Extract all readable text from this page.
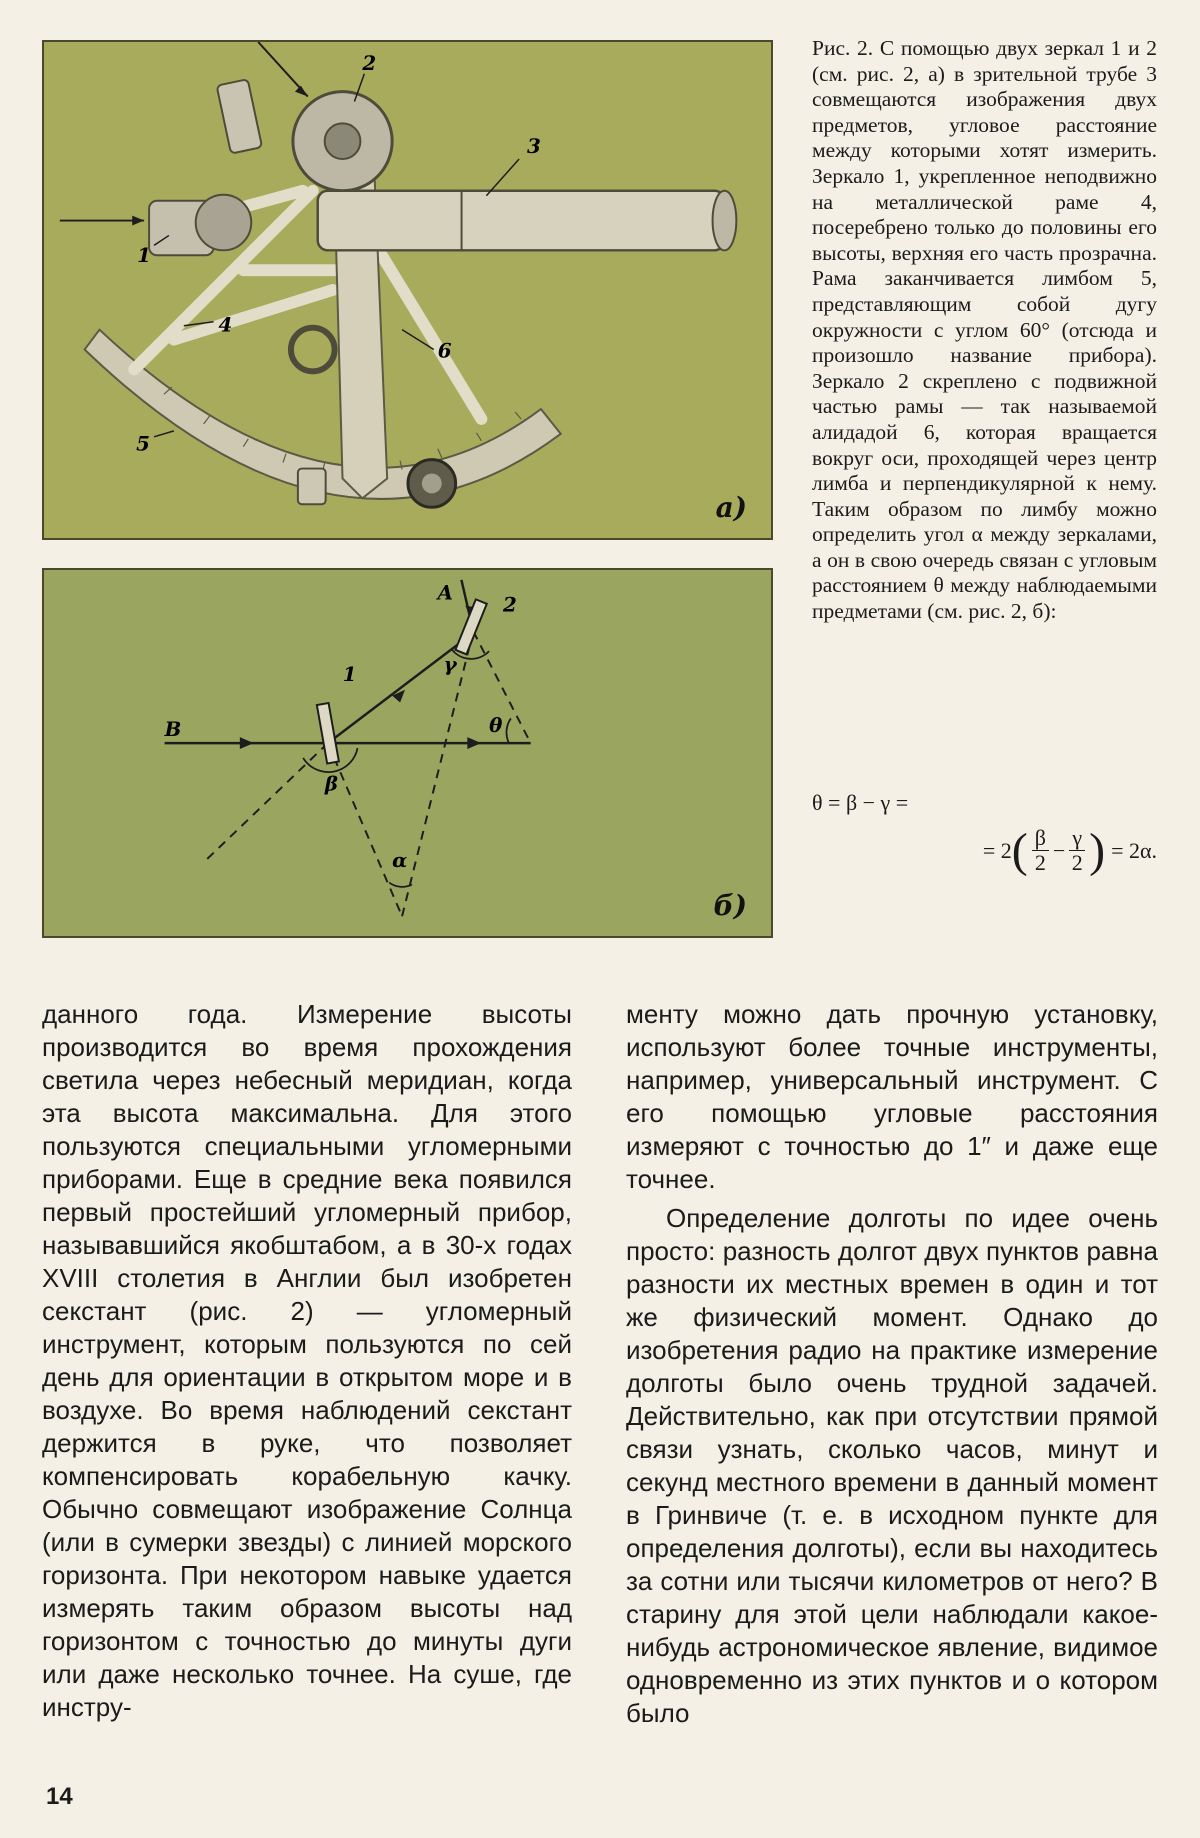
2
3
1
4
5
6
a)
B
A
1
2
β
γ
θ
α
б)

Рис. 2. С помощью двух зеркал 1 и 2 (см. рис. 2, а) в зрительной трубе 3 совмещаются изображения двух предметов, угловое расстояние между которыми хотят измерить. Зеркало 1, укрепленное неподвижно на металлической раме 4, посеребрено только до половины его высоты, верхняя его часть прозрачна. Рама заканчивается лимбом 5, представляющим собой дугу окружности с углом 60° (отсюда и произошло название прибора). Зеркало 2 скреплено с подвижной частью рамы — так называемой алидадой 6, которая вращается вокруг оси, проходящей через центр лимба и перпендикулярной к нему. Таким образом по лимбу можно определить угол α между зеркалами, а он в свою очередь связан с угловым расстоянием θ между наблюдаемыми предметами (см. рис. 2, б):

θ = β − γ =
= 2 ( $\frac{\beta}{2} - \frac{\gamma}{2}$ ) = 2α.

данного года. Измерение высоты производится во время прохождения светила через небесный меридиан, когда эта высота максимальна. Для этого пользуются специальными угломерными приборами. Еще в средние века появился первый простейший угломерный прибор, называвшийся якобштабом, а в 30-х годах XVIII столетия в Англии был изобретен секстант (рис. 2) — угломерный инструмент, которым пользуются по сей день для ориентации в открытом море и в воздухе. Во время наблюдений секстант держится в руке, что позволяет компенсировать корабельную качку. Обычно совмещают изображение Солнца (или в сумерки звезды) с линией морского горизонта. При некотором навыке удается измерять таким образом высоты над горизонтом с точностью до минуты дуги или даже несколько точнее. На суше, где инстру-

менту можно дать прочную установку, используют более точные инструменты, например, универсальный инструмент. С его помощью угловые расстояния измеряют с точностью до 1″ и даже еще точнее.

Определение долготы по идее очень просто: разность долгот двух пунктов равна разности их местных времен в один и тот же физический момент. Однако до изобретения радио на практике измерение долготы было очень трудной задачей. Действительно, как при отсутствии прямой связи узнать, сколько часов, минут и секунд местного времени в данный момент в Гринвиче (т. е. в исходном пункте для определения долготы), если вы находитесь за сотни или тысячи километров от него? В старину для этой цели наблюдали какое-нибудь астрономическое явление, видимое одновременно из этих пунктов и о котором было

14
